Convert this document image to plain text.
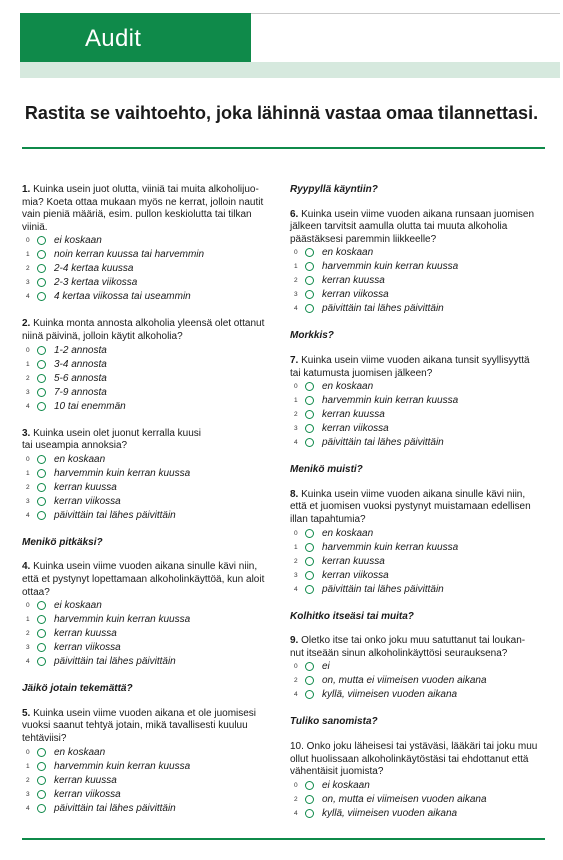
Audit
Rastita se vaihtoehto, joka lähinnä vastaa omaa tilannettasi.

1. Kuinka usein juot olutta, viiniä tai muita alkoholijuo-
mia? Koeta ottaa mukaan myös ne kerrat, jolloin nautit
vain pieniä määriä, esim. pullon keskiolutta tai tilkan
viiniä.

0	ei koskaan
1	noin kerran kuussa tai harvemmin
2	2-4 kertaa kuussa
3	2-3 kertaa viikossa
4	4 kertaa viikossa tai useammin

2. Kuinka monta annosta alkoholia yleensä olet ottanut
niinä päivinä, jolloin käytit alkoholia?

0	1-2 annosta
1	3-4 annosta
2	5-6 annosta
3	7-9 annosta
4	10 tai enemmän

3. Kuinka usein olet juonut kerralla kuusi
tai useampia annoksia?

0	en koskaan
1	harvemmin kuin kerran kuussa
2	kerran kuussa
3	kerran viikossa
4	päivittäin tai lähes päivittäin

Menikö pitkäksi?

4. Kuinka usein viime vuoden aikana sinulle kävi niin,
että et pystynyt lopettamaan alkoholinkäyttöä, kun aloit
ottaa?

0	ei koskaan
1	harvemmin kuin kerran kuussa
2	kerran kuussa
3	kerran viikossa
4	päivittäin tai lähes päivittäin

Jäikö jotain tekemättä?

5. Kuinka usein viime vuoden aikana et ole juomisesi
vuoksi saanut tehtyä jotain, mikä tavallisesti kuuluu
tehtäviisi?

0	en koskaan
1	harvemmin kuin kerran kuussa
2	kerran kuussa
3	kerran viikossa
4	päivittäin tai lähes päivittäin

Ryypyllä käyntiin?

6. Kuinka usein viime vuoden aikana runsaan juomisen
jälkeen tarvitsit aamulla olutta tai muuta alkoholia
päästäksesi paremmin liikkeelle?

0	en koskaan
1	harvemmin kuin kerran kuussa
2	kerran kuussa
3	kerran viikossa
4	päivittäin tai lähes päivittäin

Morkkis?

7. Kuinka usein viime vuoden aikana tunsit syyllisyyttä
tai katumusta juomisen jälkeen?

0	en koskaan
1	harvemmin kuin kerran kuussa
2	kerran kuussa
3	kerran viikossa
4	päivittäin tai lähes päivittäin

Menikö muisti?

8. Kuinka usein viime vuoden aikana sinulle kävi niin,
että et juomisen vuoksi pystynyt muistamaan edellisen
illan tapahtumia?

0	en koskaan
1	harvemmin kuin kerran kuussa
2	kerran kuussa
3	kerran viikossa
4	päivittäin tai lähes päivittäin

Kolhitko itseäsi tai muita?

9. Oletko itse tai onko joku muu satuttanut tai loukan-
nut itseään sinun alkoholinkäyttösi seurauksena?

0	ei
2	on, mutta ei viimeisen vuoden aikana
4	kyllä, viimeisen vuoden aikana

Tuliko sanomista?

10. Onko joku läheisesi tai ystäväsi, lääkäri tai joku muu
ollut huolissaan alkoholinkäytöstäsi tai ehdottanut että
vähentäisit juomista?

0	ei koskaan
2	on, mutta ei viimeisen vuoden aikana
4	kyllä, viimeisen vuoden aikana
